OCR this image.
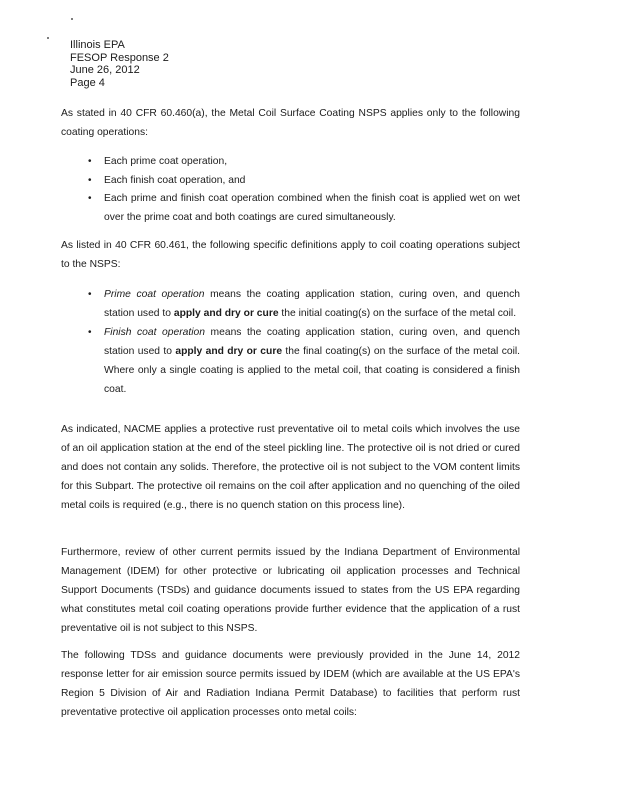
Illinois EPA
FESOP Response 2
June 26, 2012
Page 4

As stated in 40 CFR 60.460(a), the Metal Coil Surface Coating NSPS applies only to the following coating operations:

• Each prime coat operation,
• Each finish coat operation, and
• Each prime and finish coat operation combined when the finish coat is applied wet on wet over the prime coat and both coatings are cured simultaneously.

As listed in 40 CFR 60.461, the following specific definitions apply to coil coating operations subject to the NSPS:

• Prime coat operation means the coating application station, curing oven, and quench station used to apply and dry or cure the initial coating(s) on the surface of the metal coil.
• Finish coat operation means the coating application station, curing oven, and quench station used to apply and dry or cure the final coating(s) on the surface of the metal coil. Where only a single coating is applied to the metal coil, that coating is considered a finish coat.

As indicated, NACME applies a protective rust preventative oil to metal coils which involves the use of an oil application station at the end of the steel pickling line. The protective oil is not dried or cured and does not contain any solids. Therefore, the protective oil is not subject to the VOM content limits for this Subpart. The protective oil remains on the coil after application and no quenching of the oiled metal coils is required (e.g., there is no quench station on this process line).

Furthermore, review of other current permits issued by the Indiana Department of Environmental Management (IDEM) for other protective or lubricating oil application processes and Technical Support Documents (TSDs) and guidance documents issued to states from the US EPA regarding what constitutes metal coil coating operations provide further evidence that the application of a rust preventative oil is not subject to this NSPS.

The following TDSs and guidance documents were previously provided in the June 14, 2012 response letter for air emission source permits issued by IDEM (which are available at the US EPA's Region 5 Division of Air and Radiation Indiana Permit Database) to facilities that perform rust preventative protective oil application processes onto metal coils:
